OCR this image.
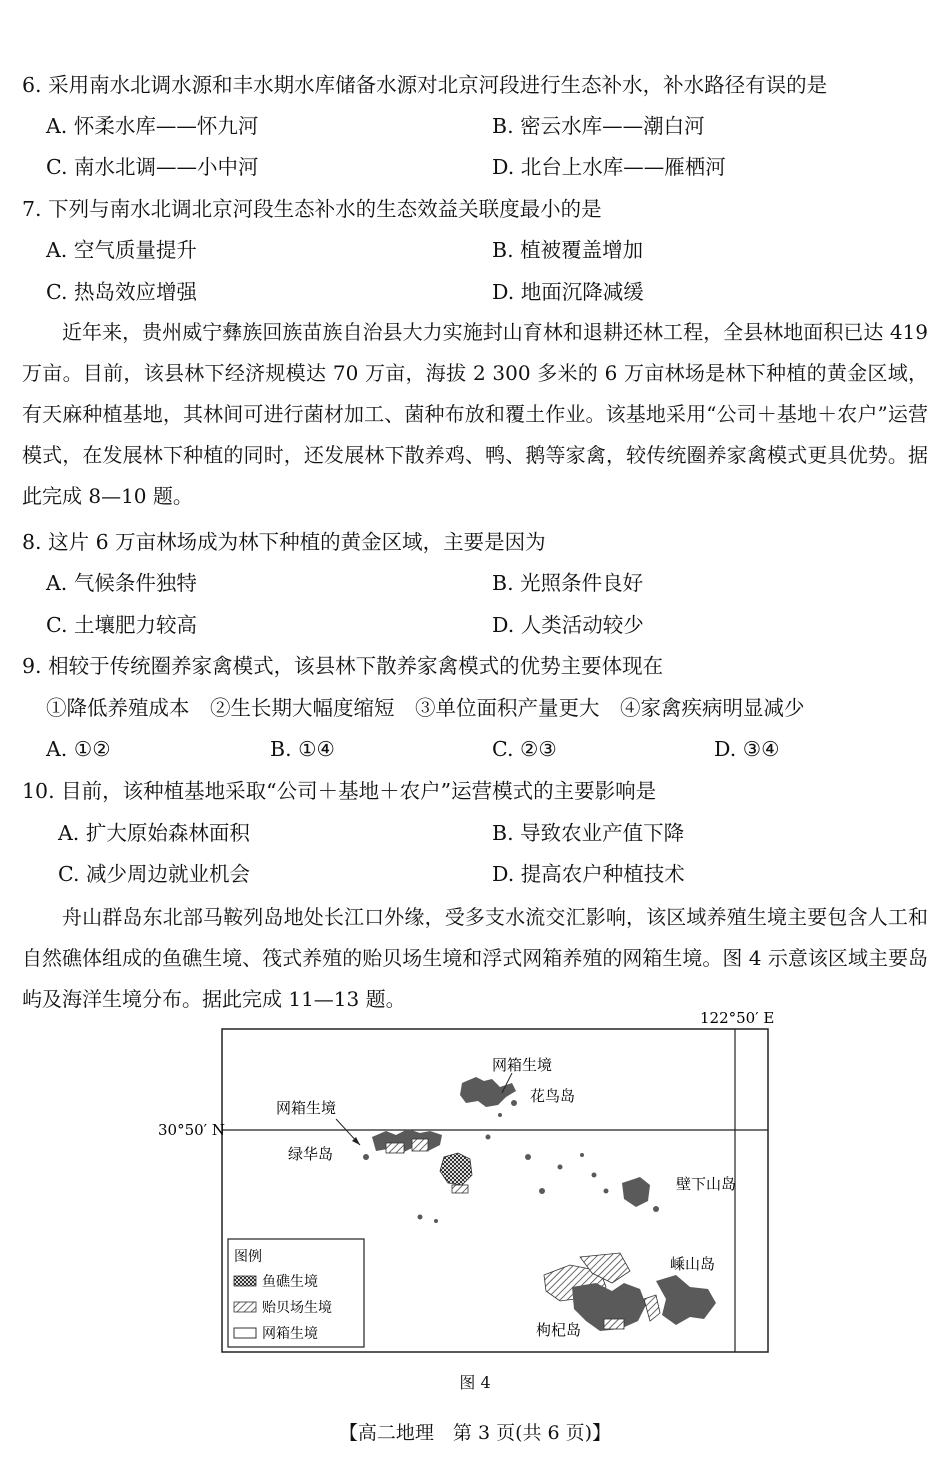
6. 采用南水北调水源和丰水期水库储备水源对北京河段进行生态补水，补水路径有误的是
A. 怀柔水库——怀九河	B. 密云水库——潮白河
C. 南水北调——小中河	D. 北台上水库——雁栖河
7. 下列与南水北调北京河段生态补水的生态效益关联度最小的是
A. 空气质量提升	B. 植被覆盖增加
C. 热岛效应增强	D. 地面沉降减缓
近年来，贵州威宁彝族回族苗族自治县大力实施封山育林和退耕还林工程，全县林地面积已达 419 万亩。目前，该县林下经济规模达 70 万亩，海拔 2 300 多米的 6 万亩林场是林下种植的黄金区域，有天麻种植基地，其林间可进行菌材加工、菌种布放和覆土作业。该基地采用“公司＋基地＋农户”运营模式，在发展林下种植的同时，还发展林下散养鸡、鸭、鹅等家禽，较传统圈养家禽模式更具优势。据此完成 8—10 题。
8. 这片 6 万亩林场成为林下种植的黄金区域，主要是因为
A. 气候条件独特	B. 光照条件良好
C. 土壤肥力较高	D. 人类活动较少
9. 相较于传统圈养家禽模式，该县林下散养家禽模式的优势主要体现在
①降低养殖成本　②生长期大幅度缩短　③单位面积产量更大　④家禽疾病明显减少
A. ①②	B. ①④	C. ②③	D. ③④
10. 目前，该种植基地采取“公司＋基地＋农户”运营模式的主要影响是
A. 扩大原始森林面积	B. 导致农业产值下降
C. 减少周边就业机会	D. 提高农户种植技术
舟山群岛东北部马鞍列岛地处长江口外缘，受多支水流交汇影响，该区域养殖生境主要包含人工和自然礁体组成的鱼礁生境、筏式养殖的贻贝场生境和浮式网箱养殖的网箱生境。图 4 示意该区域主要岛屿及海洋生境分布。据此完成 11—13 题。
122°50′ E
30°50′ N
网箱生境
花鸟岛
网箱生境
绿华岛
壁下山岛
枸杞岛
嵊山岛
图例
鱼礁生境
贻贝场生境
网箱生境
图 4
【高二地理　第 3 页(共 6 页)】
